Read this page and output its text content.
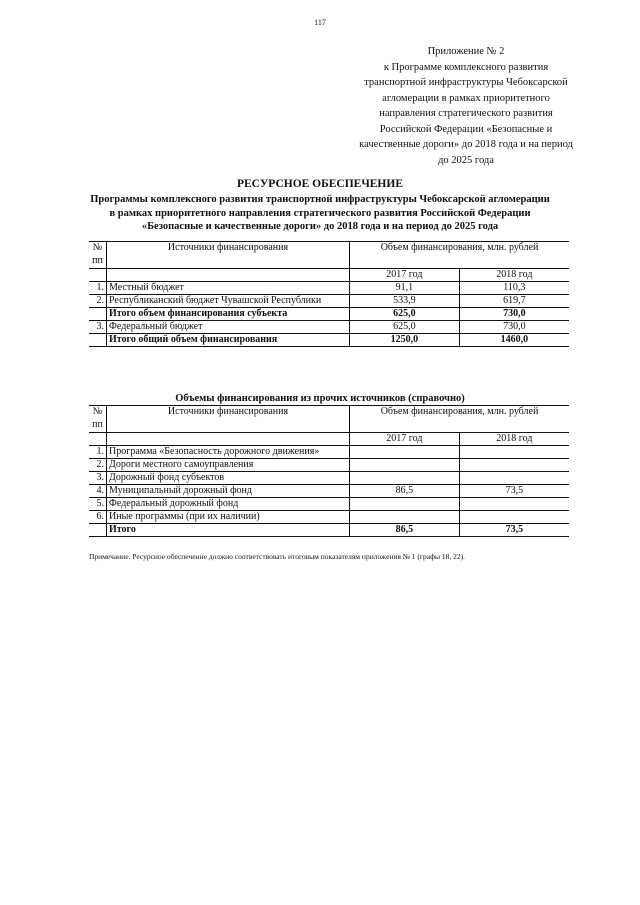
117
Приложение № 2
к Программе комплексного развития
транспортной инфраструктуры Чебоксарской
агломерации в рамках приоритетного
направления стратегического развития
Российской Федерации «Безопасные и
качественные дороги» до 2018 года и на период
до 2025 года
РЕСУРСНОЕ ОБЕСПЕЧЕНИЕ
Программы комплексного развития транспортной инфраструктуры Чебоксарской агломерации
в рамках приоритетного направления стратегического развития Российской Федерации
«Безопасные и качественные дороги» до 2018 года и на период до 2025 года
№	Источники финансирования	Объем финансирования, млн. рублей	
пп			
		2017 год	2018 год
1.	Местный бюджет	91,1	110,3
2.	Республиканский бюджет Чувашской Республики	533,9	619,7
	Итого объем финансирования субъекта	625,0	730,0
3.	Федеральный бюджет	625,0	730,0
	Итого общий объем финансирования	1250,0	1460,0
Объемы финансирования из прочих источников (справочно)
№	Источники финансирования	Объем финансирования, млн. рублей	
пп			
		2017 год	2018 год
1.	Программа «Безопасность дорожного движения»		
2.	Дороги местного самоуправления		
3.	Дорожный фонд субъектов		
4.	Муниципальный дорожный фонд	86,5	73,5
5.	Федеральный дорожный фонд		
6.	Иные программы (при их наличии)		
	Итого	86,5	73,5
Примечание. Ресурсное обеспечение должно соответствовать итоговым показателям приложения № 1 (графы 18, 22).
